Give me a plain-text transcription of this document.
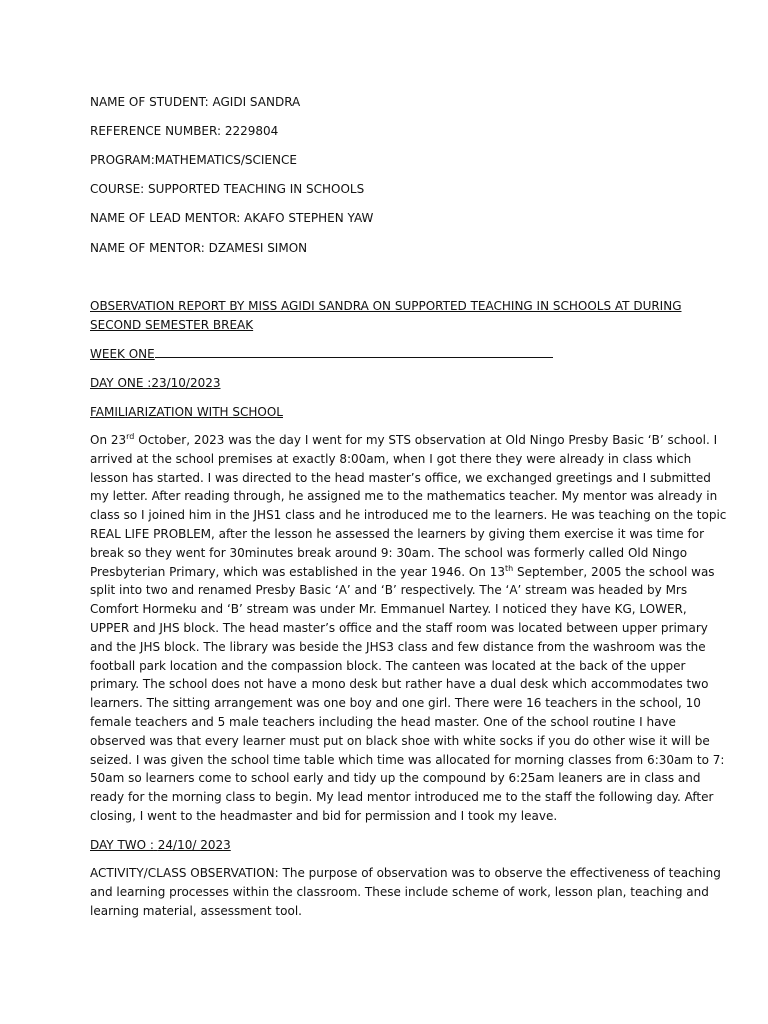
NAME OF STUDENT: AGIDI SANDRA
REFERENCE NUMBER: 2229804
PROGRAM:MATHEMATICS/SCIENCE
COURSE: SUPPORTED TEACHING IN SCHOOLS
NAME OF LEAD MENTOR: AKAFO STEPHEN YAW
NAME OF MENTOR: DZAMESI SIMON
OBSERVATION REPORT BY MISS AGIDI SANDRA ON SUPPORTED TEACHING IN SCHOOLS AT DURING
SECOND SEMESTER BREAK
WEEK ONE
DAY ONE :23/10/2023
FAMILIARIZATION WITH SCHOOL
On 23rd October, 2023 was the day I went for my STS observation at Old Ningo Presby Basic ‘B’ school. I
arrived at the school premises at exactly 8:00am, when I got there they were already in class which
lesson has started. I was directed to the head master’s office, we exchanged greetings and I submitted
my letter. After reading through, he assigned me to the mathematics teacher. My mentor was already in
class so I joined him in the JHS1 class and he introduced me to the learners. He was teaching on the topic
REAL LIFE PROBLEM, after the lesson he assessed the learners by giving them exercise it was time for
break so they went for 30minutes break around 9: 30am. The school was formerly called Old Ningo
Presbyterian Primary, which was established in the year 1946. On 13th September, 2005 the school was
split into two and renamed Presby Basic ‘A’ and ‘B’ respectively. The ‘A’ stream was headed by Mrs
Comfort Hormeku and ‘B’ stream was under Mr. Emmanuel Nartey. I noticed they have KG, LOWER,
UPPER and JHS block. The head master’s office and the staff room was located between upper primary
and the JHS block. The library was beside the JHS3 class and few distance from the washroom was the
football park location and the compassion block. The canteen was located at the back of the upper
primary. The school does not have a mono desk but rather have a dual desk which accommodates two
learners. The sitting arrangement was one boy and one girl. There were 16 teachers in the school, 10
female teachers and 5 male teachers including the head master. One of the school routine I have
observed was that every learner must put on black shoe with white socks if you do other wise it will be
seized. I was given the school time table which time was allocated for morning classes from 6:30am to 7:
50am so learners come to school early and tidy up the compound by 6:25am leaners are in class and
ready for the morning class to begin. My lead mentor introduced me to the staff the following day. After
closing, I went to the headmaster and bid for permission and I took my leave.
DAY TWO : 24/10/ 2023
ACTIVITY/CLASS OBSERVATION: The purpose of observation was to observe the effectiveness of teaching
and learning processes within the classroom. These include scheme of work, lesson plan, teaching and
learning material, assessment tool.
